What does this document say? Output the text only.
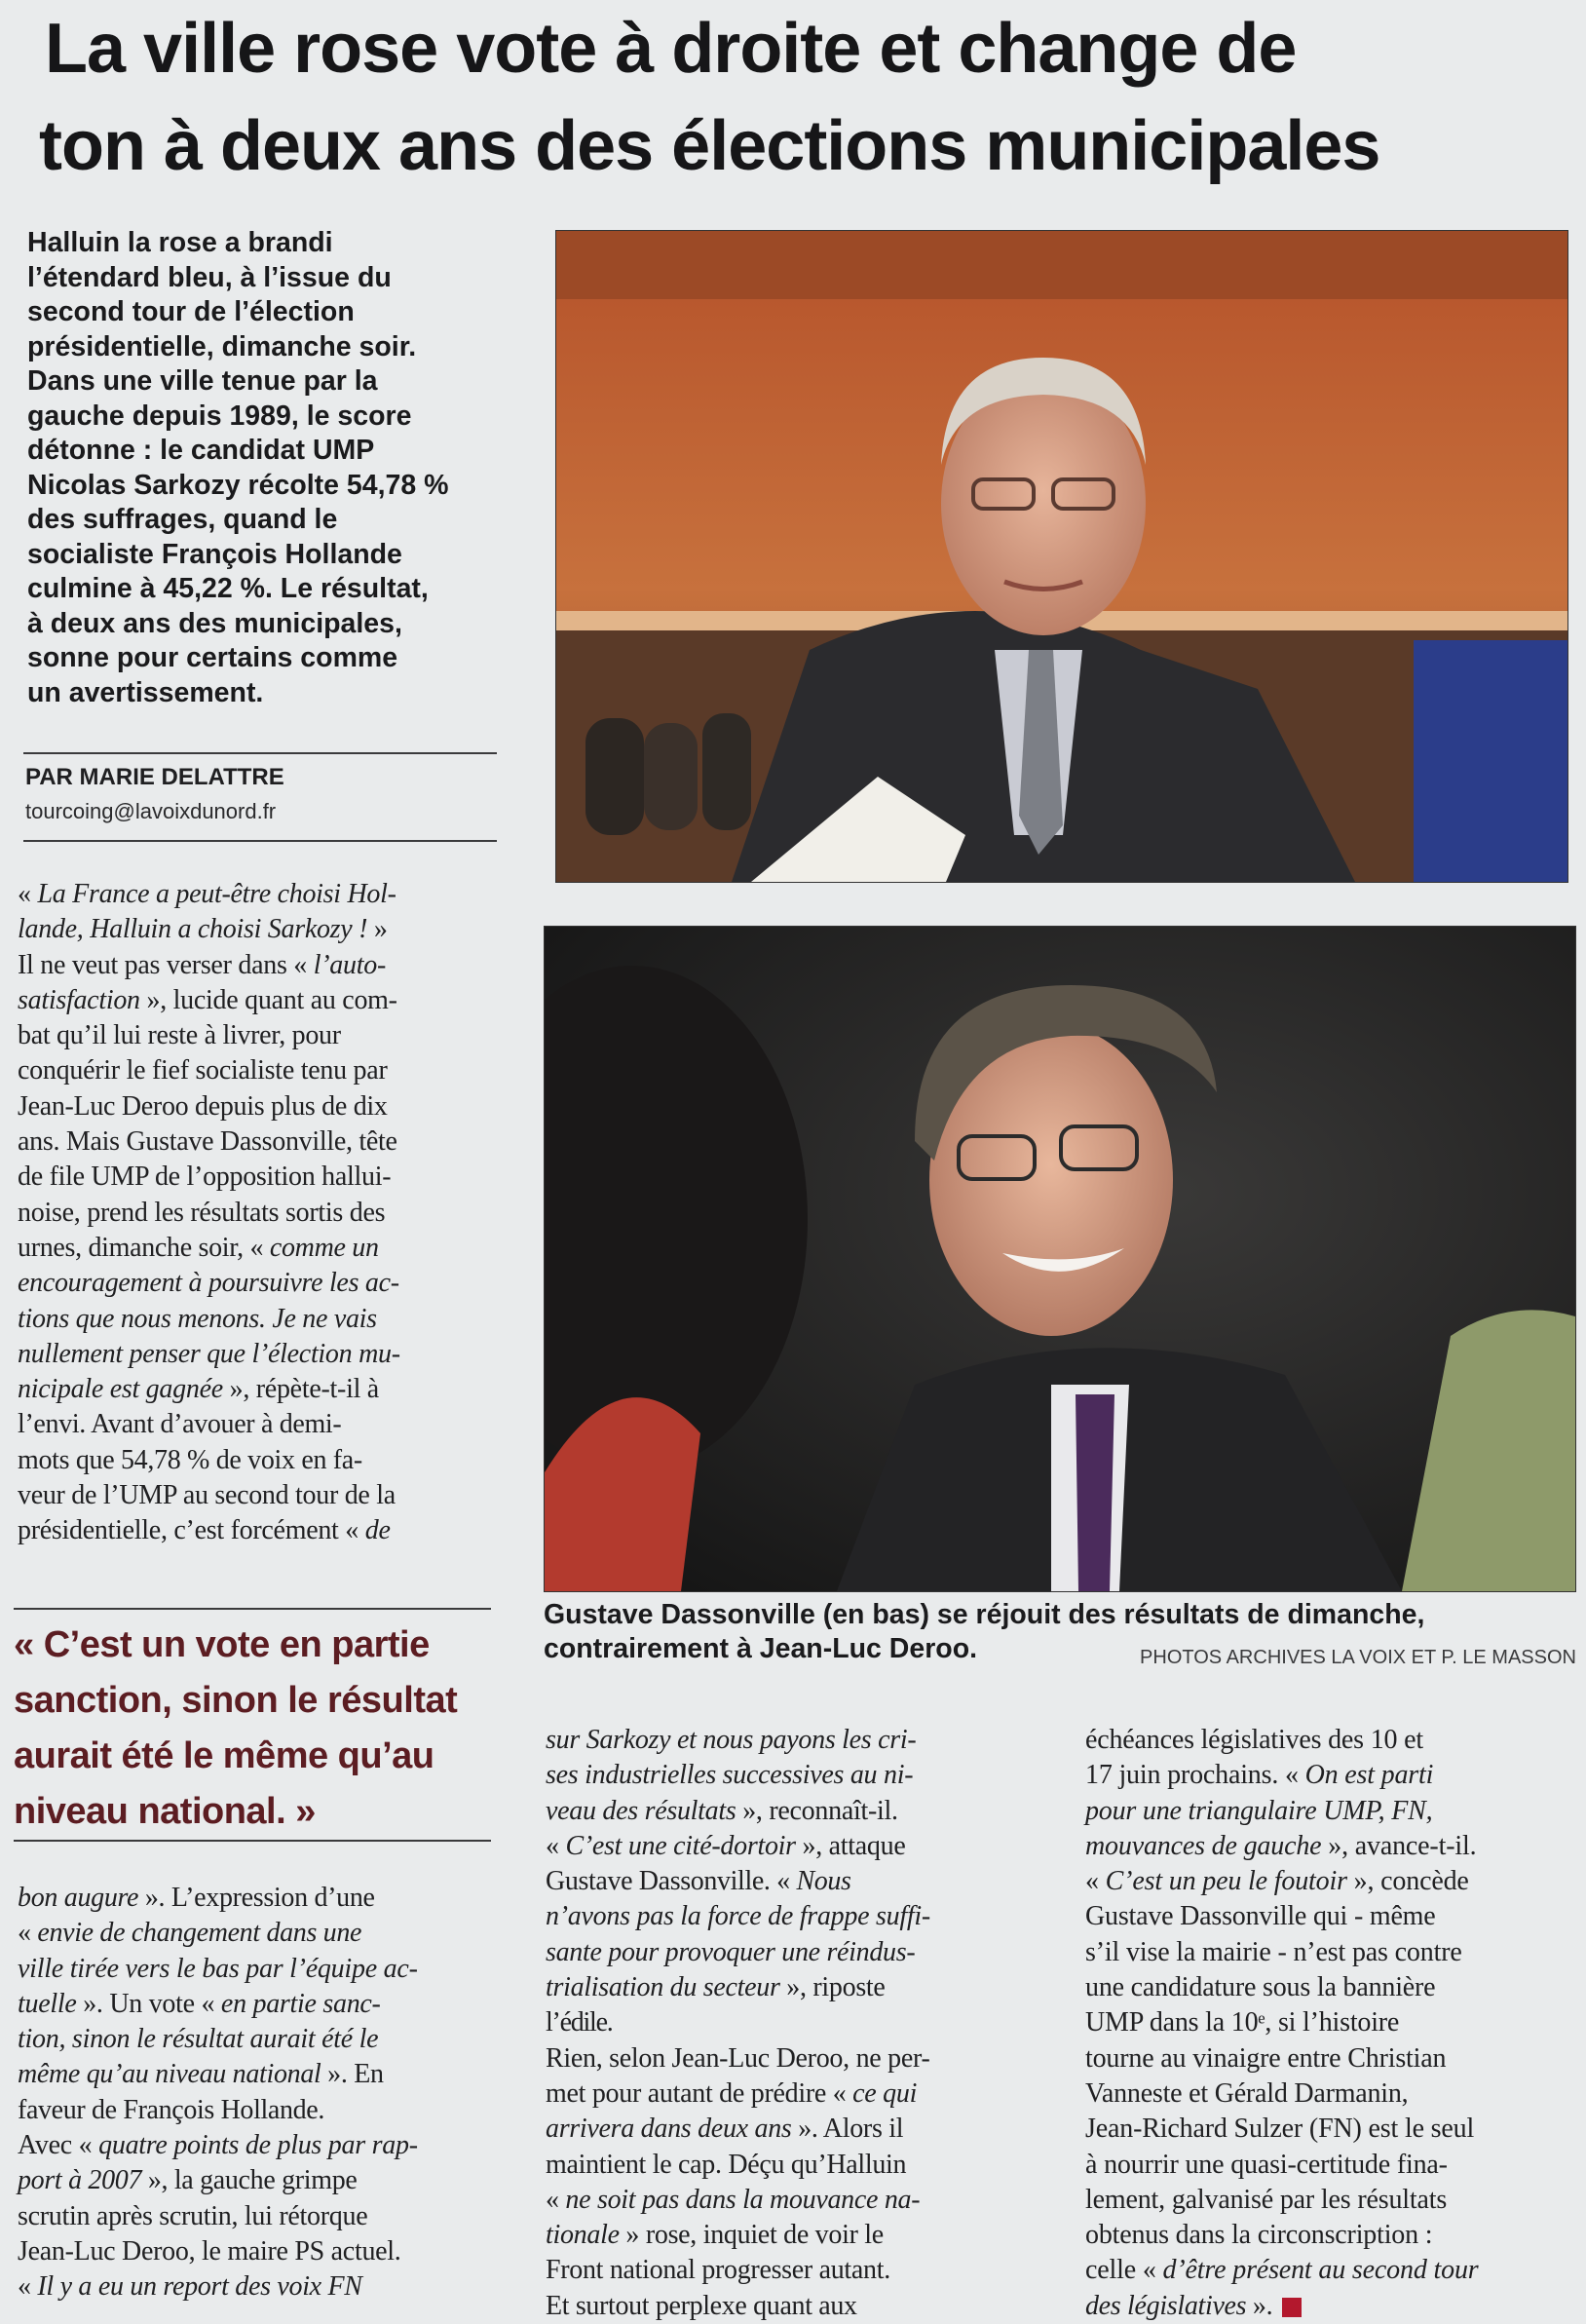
La ville rose vote à droite et change de
ton à deux ans des élections municipales
Halluin la rose a brandi
l’étendard bleu, à l’issue du
second tour de l’élection
présidentielle, dimanche soir.
Dans une ville tenue par la
gauche depuis 1989, le score
détonne : le candidat UMP
Nicolas Sarkozy récolte 54,78 %
des suffrages, quand le
socialiste François Hollande
culmine à 45,22 %. Le résultat,
à deux ans des municipales,
sonne pour certains comme
un avertissement.
PAR MARIE DELATTRE
tourcoing@lavoixdunord.fr
« La France a peut-être choisi Hol-
lande, Halluin a choisi Sarkozy ! »
Il ne veut pas verser dans « l’auto-
satisfaction », lucide quant au com-
bat qu’il lui reste à livrer, pour
conquérir le fief socialiste tenu par
Jean-Luc Deroo depuis plus de dix
ans. Mais Gustave Dassonville, tête
de file UMP de l’opposition hallui-
noise, prend les résultats sortis des
urnes, dimanche soir, « comme un
encouragement à poursuivre les ac-
tions que nous menons. Je ne vais
nullement penser que l’élection mu-
nicipale est gagnée », répète-t-il à
l’envi. Avant d’avouer à demi-
mots que 54,78 % de voix en fa-
veur de l’UMP au second tour de la
présidentielle, c’est forcément « de
« C’est un vote en partie
sanction, sinon le résultat
aurait été le même qu’au
niveau national. »
bon augure ». L’expression d’une
« envie de changement dans une
ville tirée vers le bas par l’équipe ac-
tuelle ». Un vote « en partie sanc-
tion, sinon le résultat aurait été le
même qu’au niveau national ». En
faveur de François Hollande.
Avec « quatre points de plus par rap-
port à 2007 », la gauche grimpe
scrutin après scrutin, lui rétorque
Jean-Luc Deroo, le maire PS actuel.
« Il y a eu un report des voix FN
Gustave Dassonville (en bas) se réjouit des résultats de dimanche,
contrairement à Jean-Luc Deroo.	PHOTOS ARCHIVES LA VOIX ET P. LE MASSON
sur Sarkozy et nous payons les cri-
ses industrielles successives au ni-
veau des résultats », reconnaît-il.
« C’est une cité-dortoir », attaque
Gustave Dassonville. « Nous
n’avons pas la force de frappe suffi-
sante pour provoquer une réindus-
trialisation du secteur », riposte
l’édile.
Rien, selon Jean-Luc Deroo, ne per-
met pour autant de prédire « ce qui
arrivera dans deux ans ». Alors il
maintient le cap. Déçu qu’Halluin
« ne soit pas dans la mouvance na-
tionale » rose, inquiet de voir le
Front national progresser autant.
Et surtout perplexe quant aux
échéances législatives des 10 et
17 juin prochains. « On est parti
pour une triangulaire UMP, FN,
mouvances de gauche », avance-t-il.
« C’est un peu le foutoir », concède
Gustave Dassonville qui - même
s’il vise la mairie - n’est pas contre
une candidature sous la bannière
UMP dans la 10ᵉ, si l’histoire
tourne au vinaigre entre Christian
Vanneste et Gérald Darmanin,
Jean-Richard Sulzer (FN) est le seul
à nourrir une quasi-certitude fina-
lement, galvanisé par les résultats
obtenus dans la circonscription :
celle « d’être présent au second tour
des législatives ».
